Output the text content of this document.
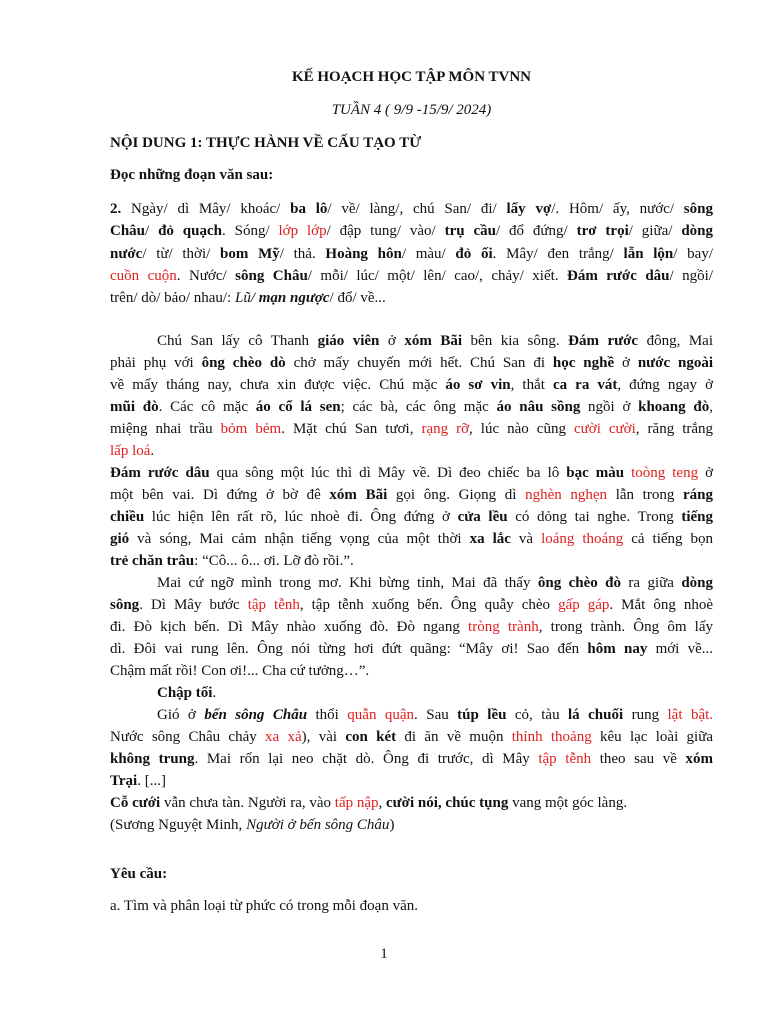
KẾ HOẠCH HỌC TẬP MÔN TVNN
TUẦN 4 ( 9/9 -15/9/ 2024)
NỘI DUNG 1: THỰC HÀNH VỀ CẤU TẠO TỪ
Đọc những đoạn văn sau:
2. Ngày/ dì Mây/ khoác/ ba lô/ về/ làng/, chú San/ đi/ lấy vợ/. Hôm/ ấy, nước/ sông
Châu/ đỏ quạch. Sóng/ lớp lớp/ đập tung/ vào/ trụ cầu/ đổ đứng/ trơ trọi/ giữa/ dòng
nước/ từ/ thời/ bom Mỹ/ thả. Hoàng hôn/ màu/ đỏ ối. Mây/ đen trắng/ lẫn lộn/ bay/
cuồn cuộn. Nước/ sông Châu/ mỗi/ lúc/ một/ lên/ cao/, chảy/ xiết. Đám rước dâu/ ngồi/
trên/ dò/ bảo/ nhau/: Lũ/ mạn ngược/ đổ/ về...
Chú San lấy cô Thanh giáo viên ở xóm Bãi bên kia sông. Đám rước đông, Mai
phải phụ với ông chèo dò chở mấy chuyến mới hết. Chú San đi học nghề ở nước ngoài
về mấy tháng nay, chưa xin được việc. Chú mặc áo sơ vin, thắt ca ra vát, đứng ngay ở
mũi đò. Các cô mặc áo cổ lá sen; các bà, các ông mặc áo nâu sồng ngồi ở khoang đò,
miệng nhai trầu bỏm bẻm. Mặt chú San tươi, rạng rỡ, lúc nào cũng cười cười, răng trắng
lấp loá.
Đám rước dâu qua sông một lúc thì dì Mây về. Dì đeo chiếc ba lô bạc màu toòng teng ở
một bên vai. Dì đứng ở bờ đê xóm Bãi gọi ông. Giọng dì nghèn nghẹn lẫn trong ráng
chiều lúc hiện lên rất rõ, lúc nhoè đi. Ông đứng ở cửa lều có dỏng tai nghe. Trong tiếng
gió và sóng, Mai cảm nhận tiếng vọng của một thời xa lắc và loáng thoáng cả tiếng bọn
trẻ chăn trâu: “Cô... ô... ơi. Lỡ đò rồi.”.
Mai cứ ngỡ mình trong mơ. Khi bừng tỉnh, Mai đã thấy ông chèo đò ra giữa dòng
sông. Dì Mây bước tập tễnh, tập tễnh xuống bến. Ông quẫy chèo gấp gáp. Mắt ông nhoè
đi. Đò kịch bến. Dì Mây nhào xuống đò. Đò ngang tròng trành, trong trành. Ông ôm lấy
dì. Đôi vai rung lên. Ông nói từng hơi đứt quãng: “Mây ơi! Sao đến hôm nay mới về...
Chậm mất rồi! Con ơi!... Cha cứ tưởng…”.
Chập tối.
Gió ở bến sông Châu thổi quẫn quận. Sau túp lều cỏ, tàu lá chuối rung lật bật.
Nước sông Châu chảy xa xả), vài con két đi ăn về muộn thỉnh thoảng kêu lạc loài giữa
không trung. Mai rốn lại neo chặt dò. Ông đi trước, dì Mây tập tễnh theo sau về xóm
Trại. [...]
Cỗ cưới vẫn chưa tàn. Người ra, vào tấp nập, cười nói, chúc tụng vang một góc làng.
(Sương Nguyệt Minh, Người ở bến sông Châu)
Yêu cầu:
a. Tìm và phân loại từ phức có trong mỗi đoạn văn.
1
